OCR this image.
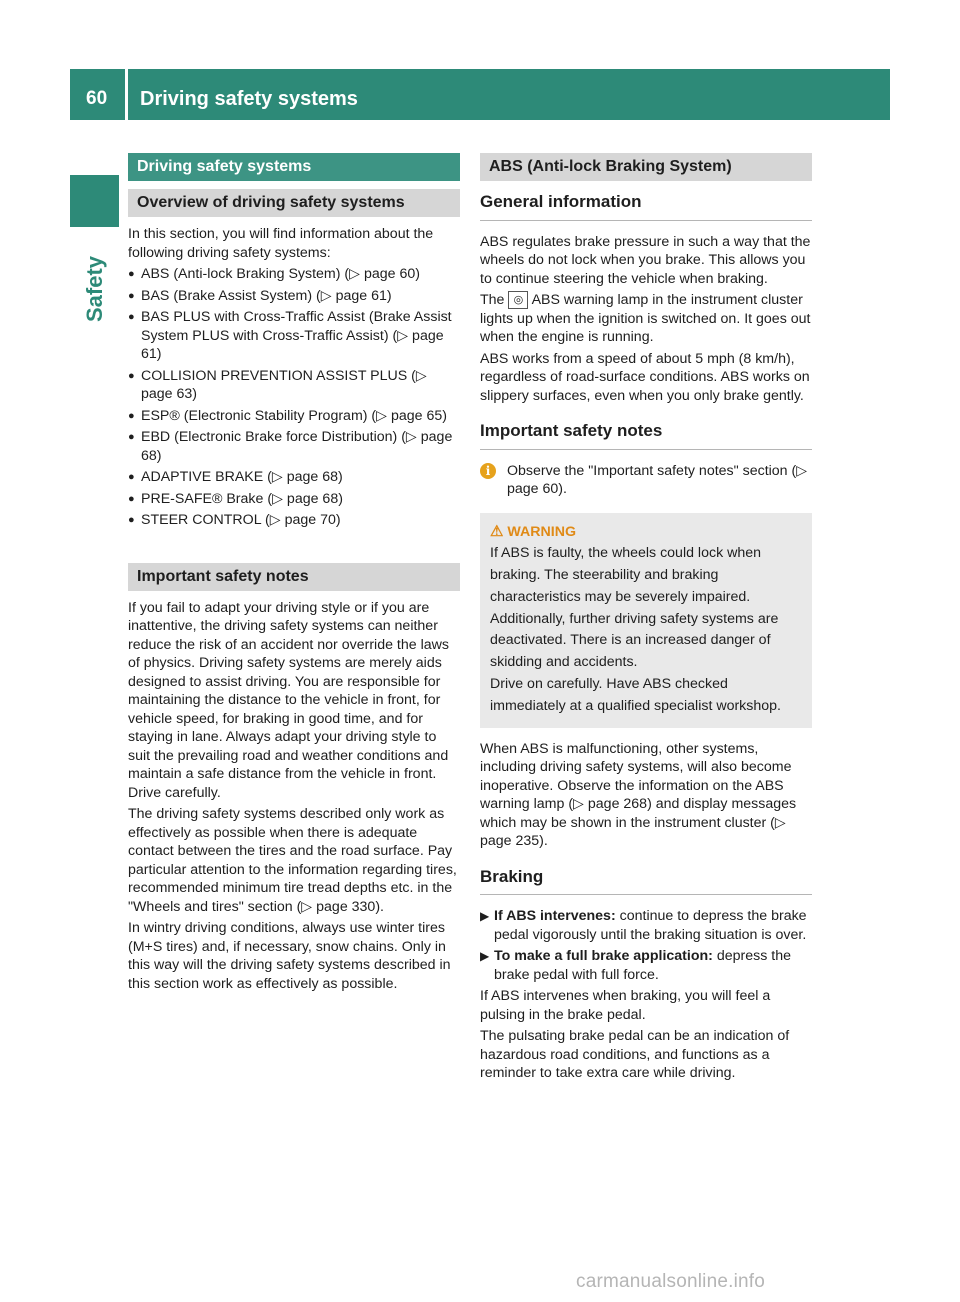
60 Driving safety systems
Safety
Driving safety systems
Overview of driving safety systems

In this section, you will find information about the following driving safety systems:

● ABS (Anti-lock Braking System) (▷ page 60)
● BAS (Brake Assist System) (▷ page 61)
● BAS PLUS with Cross-Traffic Assist (Brake Assist System PLUS with Cross-Traffic Assist) (▷ page 61)
● COLLISION PREVENTION ASSIST PLUS (▷ page 63)
● ESP® (Electronic Stability Program) (▷ page 65)
● EBD (Electronic Brake force Distribution) (▷ page 68)
● ADAPTIVE BRAKE (▷ page 68)
● PRE-SAFE® Brake (▷ page 68)
● STEER CONTROL (▷ page 70)
Important safety notes

If you fail to adapt your driving style or if you are inattentive, the driving safety systems can neither reduce the risk of an accident nor override the laws of physics. Driving safety systems are merely aids designed to assist driving. You are responsible for maintaining the distance to the vehicle in front, for vehicle speed, for braking in good time, and for staying in lane. Always adapt your driving style to suit the prevailing road and weather conditions and maintain a safe distance from the vehicle in front. Drive carefully.

The driving safety systems described only work as effectively as possible when there is adequate contact between the tires and the road surface. Pay particular attention to the information regarding tires, recommended minimum tire tread depths etc. in the "Wheels and tires" section (▷ page 330).

In wintry driving conditions, always use winter tires (M+S tires) and, if necessary, snow chains. Only in this way will the driving safety systems described in this section work as effectively as possible.

ABS (Anti-lock Braking System)
General information

ABS regulates brake pressure in such a way that the wheels do not lock when you brake. This allows you to continue steering the vehicle when braking.

The ◎ ABS warning lamp in the instrument cluster lights up when the ignition is switched on. It goes out when the engine is running.

ABS works from a speed of about 5 mph (8 km/h), regardless of road-surface conditions. ABS works on slippery surfaces, even when you only brake gently.

Important safety notes
i	Observe the "Important safety notes" section (▷ page 60).
⚠ WARNING
If ABS is faulty, the wheels could lock when braking. The steerability and braking characteristics may be severely impaired. Additionally, further driving safety systems are deactivated. There is an increased danger of skidding and accidents.
Drive on carefully. Have ABS checked immediately at a qualified specialist workshop.

When ABS is malfunctioning, other systems, including driving safety systems, will also become inoperative. Observe the information on the ABS warning lamp (▷ page 268) and display messages which may be shown in the instrument cluster (▷ page 235).

Braking
▶ If ABS intervenes: continue to depress the brake pedal vigorously until the braking situation is over.
▶ To make a full brake application: depress the brake pedal with full force.

If ABS intervenes when braking, you will feel a pulsing in the brake pedal.

The pulsating brake pedal can be an indication of hazardous road conditions, and functions as a reminder to take extra care while driving.

carmanualsonline.info
